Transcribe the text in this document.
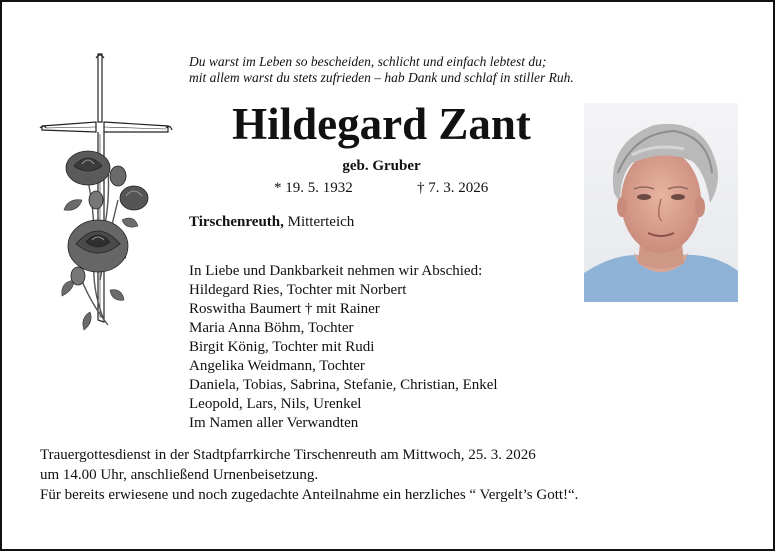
Du warst im Leben so bescheiden, schlicht und einfach lebtest du;
mit allem warst du stets zufrieden – hab Dank und schlaf in stiller Ruh.
Hildegard Zant
geb. Gruber
* 19. 5. 1932	† 7. 3. 2026
Tirschenreuth, Mitterteich
In Liebe und Dankbarkeit nehmen wir Abschied:
Hildegard Ries, Tochter mit Norbert
Roswitha Baumert † mit Rainer
Maria Anna Böhm, Tochter
Birgit König, Tochter mit Rudi
Angelika Weidmann, Tochter
Daniela, Tobias, Sabrina, Stefanie, Christian, Enkel
Leopold, Lars, Nils, Urenkel
Im Namen aller Verwandten
Trauergottesdienst in der Stadtpfarrkirche Tirschenreuth am Mittwoch, 25. 3. 2026
um 14.00 Uhr, anschließend Urnenbeisetzung.
Für bereits erwiesene und noch zugedachte Anteilnahme ein herzliches “ Vergelt’s Gott!“.
